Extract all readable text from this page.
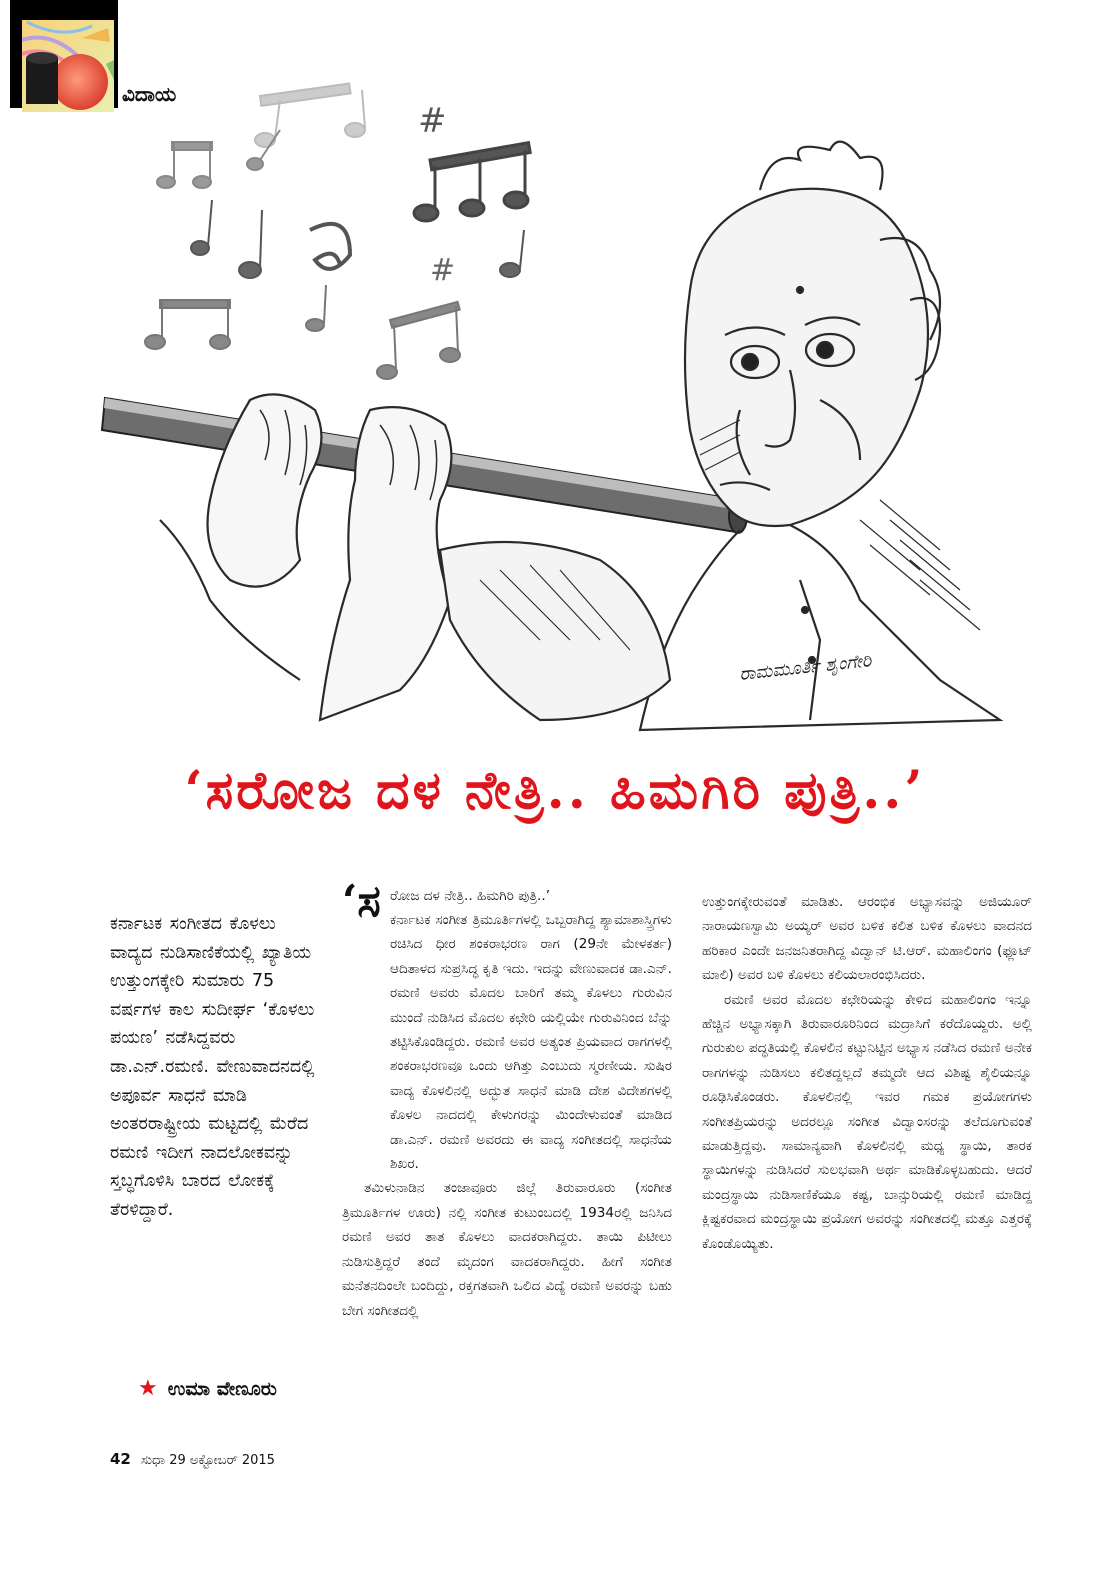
ವಿದಾಯ
#
#
ರಾಮಮೂರ್ತಿ ಶೃಂಗೇರಿ
‘ಸರೋಜ ದಳ ನೇತ್ರಿ.. ಹಿಮಗಿರಿ ಪುತ್ರಿ..’

ಕರ್ನಾಟಕ ಸಂಗೀತದ ಕೊಳಲು ವಾದ್ಯದ ನುಡಿಸಾಣಿಕೆಯಲ್ಲಿ ಖ್ಯಾತಿಯ ಉತ್ತುಂಗಕ್ಕೇರಿ ಸುಮಾರು 75 ವರ್ಷಗಳ ಕಾಲ ಸುದೀರ್ಘ ‘ಕೊಳಲು ಪಯಣ’ ನಡೆಸಿದ್ದವರು ಡಾ.ಎನ್.ರಮಣಿ. ವೇಣುವಾದನದಲ್ಲಿ ಅಪೂರ್ವ ಸಾಧನೆ ಮಾಡಿ ಅಂತರರಾಷ್ಟ್ರೀಯ ಮಟ್ಟದಲ್ಲಿ ಮೆರೆದ ರಮಣಿ ಇದೀಗ ನಾದಲೋಕವನ್ನು ಸ್ತಬ್ಧಗೊಳಿಸಿ ಬಾರದ ಲೋಕಕ್ಕೆ ತೆರಳಿದ್ದಾರೆ.

★ ಉಮಾ ವೇಣೂರು
‘ಸ ರೋಜ ದಳ ನೇತ್ರಿ.. ಹಿಮಗಿರಿ ಪುತ್ರಿ..’

ಕರ್ನಾಟಕ ಸಂಗೀತ ತ್ರಿಮೂರ್ತಿಗಳಲ್ಲಿ ಒಬ್ಬರಾಗಿದ್ದ ಶ್ಯಾಮಾಶಾಸ್ತ್ರಿಗಳು ರಚಿಸಿದ ಧೀರ ಶಂಕರಾಭರಣ ರಾಗ (29ನೇ ಮೇಳಕರ್ತ) ಆದಿತಾಳದ ಸುಪ್ರಸಿದ್ಧ ಕೃತಿ ಇದು. ಇದನ್ನು ವೇಣುವಾದಕ ಡಾ.ಎನ್. ರಮಣಿ ಅವರು ಮೊದಲ ಬಾರಿಗೆ ತಮ್ಮ ಕೊಳಲು ಗುರುವಿನ ಮುಂದೆ ನುಡಿಸಿದ ಮೊದಲ ಕಛೇರಿ ಯಲ್ಲಿಯೇ ಗುರುವಿನಿಂದ ಬೆನ್ನು ತಟ್ಟಿಸಿಕೊಂಡಿದ್ದರು. ರಮಣಿ ಅವರ ಅತ್ಯಂತ ಪ್ರಿಯವಾದ ರಾಗಗಳಲ್ಲಿ ಶಂಕರಾಭರಣವೂ ಒಂದು ಆಗಿತ್ತು ಎಂಬುದು ಸ್ಮರಣೀಯ. ಸುಷಿರ ವಾದ್ಯ ಕೊಳಲಿನಲ್ಲಿ ಅದ್ಭುತ ಸಾಧನೆ ಮಾಡಿ ದೇಶ ವಿದೇಶಗಳಲ್ಲಿ ಕೊಳಲ ನಾದದಲ್ಲಿ ಕೇಳುಗರನ್ನು ಮಿಂದೇಳುವಂತೆ ಮಾಡಿದ ಡಾ.ಎನ್. ರಮಣಿ ಅವರದು ಈ ವಾದ್ಯ ಸಂಗೀತದಲ್ಲಿ ಸಾಧನೆಯ ಶಿಖರ.

ತಮಿಳುನಾಡಿನ ತಂಜಾವೂರು ಜಿಲ್ಲೆ ತಿರುವಾರೂರು (ಸಂಗೀತ ತ್ರಿಮೂರ್ತಿಗಳ ಊರು) ನಲ್ಲಿ ಸಂಗೀತ ಕುಟುಂಬದಲ್ಲಿ 1934ರಲ್ಲಿ ಜನಿಸಿದ ರಮಣಿ ಅವರ ತಾತ ಕೊಳಲು ವಾದಕರಾಗಿದ್ದರು. ತಾಯಿ ಪಿಟೀಲು ನುಡಿಸುತ್ತಿದ್ದರೆ ತಂದೆ ಮೃದಂಗ ವಾದಕರಾಗಿದ್ದರು. ಹೀಗೆ ಸಂಗೀತ ಮನೆತನದಿಂಲೇ ಬಂದಿದ್ದು, ರಕ್ತಗತವಾಗಿ ಒಲಿದ ವಿದ್ಯೆ ರಮಣಿ ಅವರನ್ನು ಬಹು ಬೇಗ ಸಂಗೀತದಲ್ಲಿ

ಉತ್ತುಂಗಕ್ಕೇರುವಂತೆ ಮಾಡಿತು. ಆರಂಭಿಕ ಅಭ್ಯಾಸವನ್ನು ಅಜಿಯೂರ್ ನಾರಾಯಣಸ್ವಾಮಿ ಅಯ್ಯರ್ ಅವರ ಬಳಿಕ ಕಲಿತ ಬಳಿಕ ಕೊಳಲು ವಾದನದ ಹರಿಕಾರ ಎಂದೇ ಜನಜನಿತರಾಗಿದ್ದ ವಿದ್ವಾನ್ ಟಿ.ಆರ್. ಮಹಾಲಿಂಗಂ (ಫ್ಲೂಟ್ ಮಾಲಿ) ಅವರ ಬಳಿ ಕೊಳಲು ಕಲಿಯಲಾರಂಭಿಸಿದರು.

ರಮಣಿ ಅವರ ಮೊದಲ ಕಛೇರಿಯನ್ನು ಕೇಳಿದ ಮಹಾಲಿಂಗಂ ಇನ್ನೂ ಹೆಚ್ಚಿನ ಅಭ್ಯಾಸಕ್ಕಾಗಿ ತಿರುವಾರೂರಿನಿಂದ ಮದ್ರಾಸಿಗೆ ಕರೆದೊಯ್ದರು. ಅಲ್ಲಿ ಗುರುಕುಲ ಪದ್ಧತಿಯಲ್ಲಿ ಕೊಳಲಿನ ಕಟ್ಟುನಿಟ್ಟಿನ ಅಭ್ಯಾಸ ನಡೆಸಿದ ರಮಣಿ ಅನೇಕ ರಾಗಗಳನ್ನು ನುಡಿಸಲು ಕಲಿತದ್ದಲ್ಲದೆ ತಮ್ಮದೇ ಆದ ವಿಶಿಷ್ಟ ಶೈಲಿಯನ್ನೂ ರೂಢಿಸಿಕೊಂಡರು. ಕೊಳಲಿನಲ್ಲಿ ಇವರ ಗಮಕ ಪ್ರಯೋಗಗಳು ಸಂಗೀತಪ್ರಿಯರನ್ನು ಅದರಲ್ಲೂ ಸಂಗೀತ ವಿದ್ವಾಂಸರನ್ನು ತಲೆದೂಗುವಂತೆ ಮಾಡುತ್ತಿದ್ದವು. ಸಾಮಾನ್ಯವಾಗಿ ಕೊಳಲಿನಲ್ಲಿ ಮಧ್ಯ ಸ್ಥಾಯಿ, ತಾರಕ ಸ್ಥಾಯಿಗಳನ್ನು ನುಡಿಸಿದರೆ ಸುಲಭವಾಗಿ ಅರ್ಥ ಮಾಡಿಕೊಳ್ಳಬಹುದು. ಆದರೆ ಮಂದ್ರಸ್ಥಾಯಿ ನುಡಿಸಾಣಿಕೆಯೂ ಕಷ್ಟ, ಬಾನ್ಸುರಿಯಲ್ಲಿ ರಮಣಿ ಮಾಡಿದ್ದ ಕ್ಲಿಷ್ಟಕರವಾದ ಮಂದ್ರಸ್ಥಾಯಿ ಪ್ರಯೋಗ ಅವರನ್ನು ಸಂಗೀತದಲ್ಲಿ ಮತ್ತೂ ಎತ್ತರಕ್ಕೆ ಕೊಂಡೊಯ್ಯಿತು.

42 ಸುಧಾ 29 ಅಕ್ಟೋಬರ್ 2015
